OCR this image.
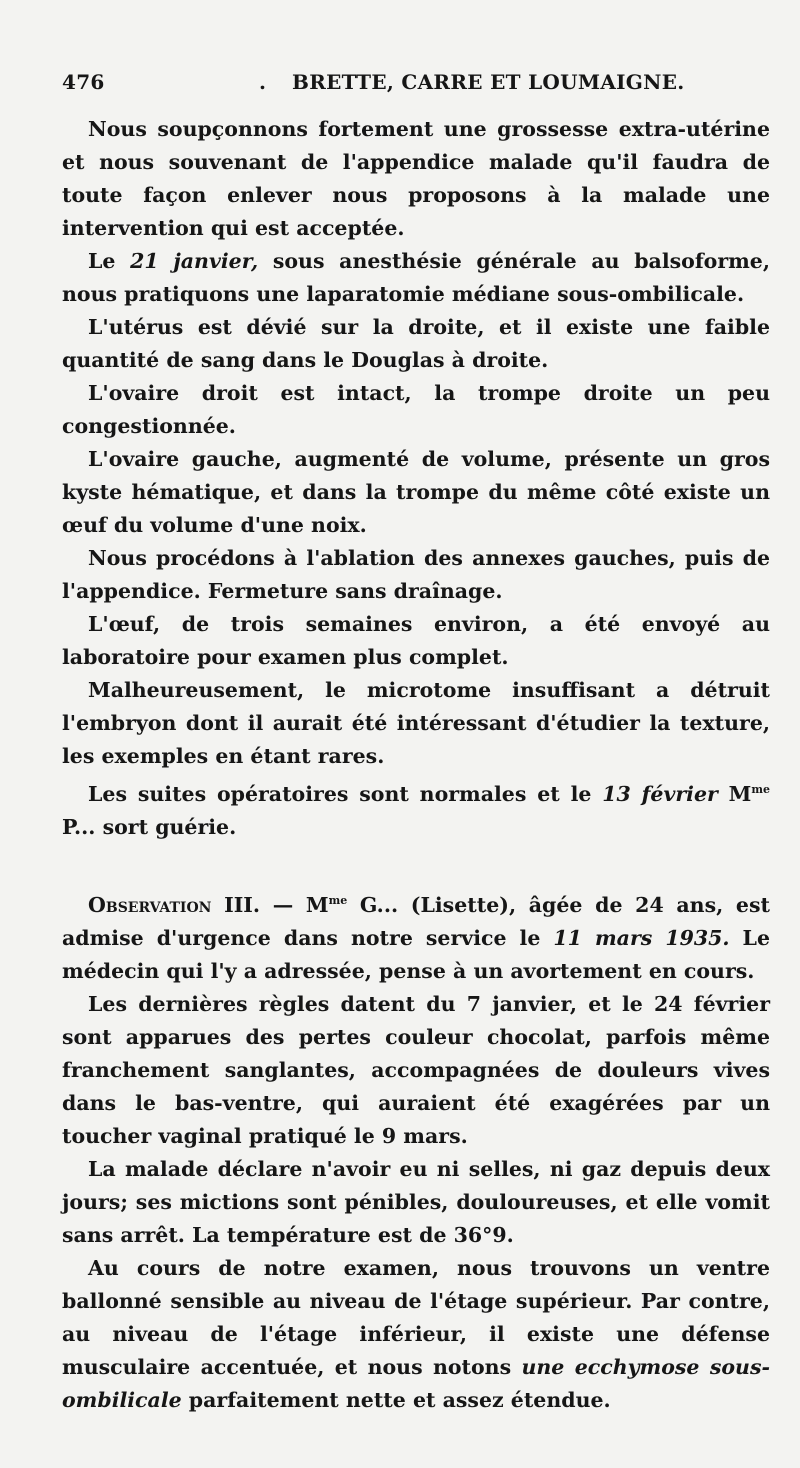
476	. BRETTE, CARRE ET LOUMAIGNE.

Nous soupçonnons fortement une grossesse extra-utérine et nous souvenant de l'appendice malade qu'il faudra de toute façon enlever nous proposons à la malade une intervention qui est acceptée.

Le 21 janvier, sous anesthésie générale au balsoforme, nous pratiquons une laparatomie médiane sous-ombilicale.

L'utérus est dévié sur la droite, et il existe une faible quantité de sang dans le Douglas à droite.

L'ovaire droit est intact, la trompe droite un peu congestionnée.

L'ovaire gauche, augmenté de volume, présente un gros kyste hématique, et dans la trompe du même côté existe un œuf du volume d'une noix.

Nous procédons à l'ablation des annexes gauches, puis de l'appendice. Fermeture sans draînage.

L'œuf, de trois semaines environ, a été envoyé au laboratoire pour examen plus complet.

Malheureusement, le microtome insuffisant a détruit l'embryon dont il aurait été intéressant d'étudier la texture, les exemples en étant rares.

Les suites opératoires sont normales et le 13 février $M^{me}$ P... sort guérie.

Observation III. — $M^{me}$ G... (Lisette), âgée de 24 ans, est admise d'urgence dans notre service le 11 mars 1935. Le médecin qui l'y a adressée, pense à un avortement en cours.

Les dernières règles datent du 7 janvier, et le 24 février sont apparues des pertes couleur chocolat, parfois même franchement sanglantes, accompagnées de douleurs vives dans le bas-ventre, qui auraient été exagérées par un toucher vaginal pratiqué le 9 mars.

La malade déclare n'avoir eu ni selles, ni gaz depuis deux jours; ses mictions sont pénibles, douloureuses, et elle vomit sans arrêt. La température est de 36°9.

Au cours de notre examen, nous trouvons un ventre ballonné sensible au niveau de l'étage supérieur. Par contre, au niveau de l'étage inférieur, il existe une défense musculaire accentuée, et nous notons une ecchymose sous-ombilicale parfaitement nette et assez étendue.
